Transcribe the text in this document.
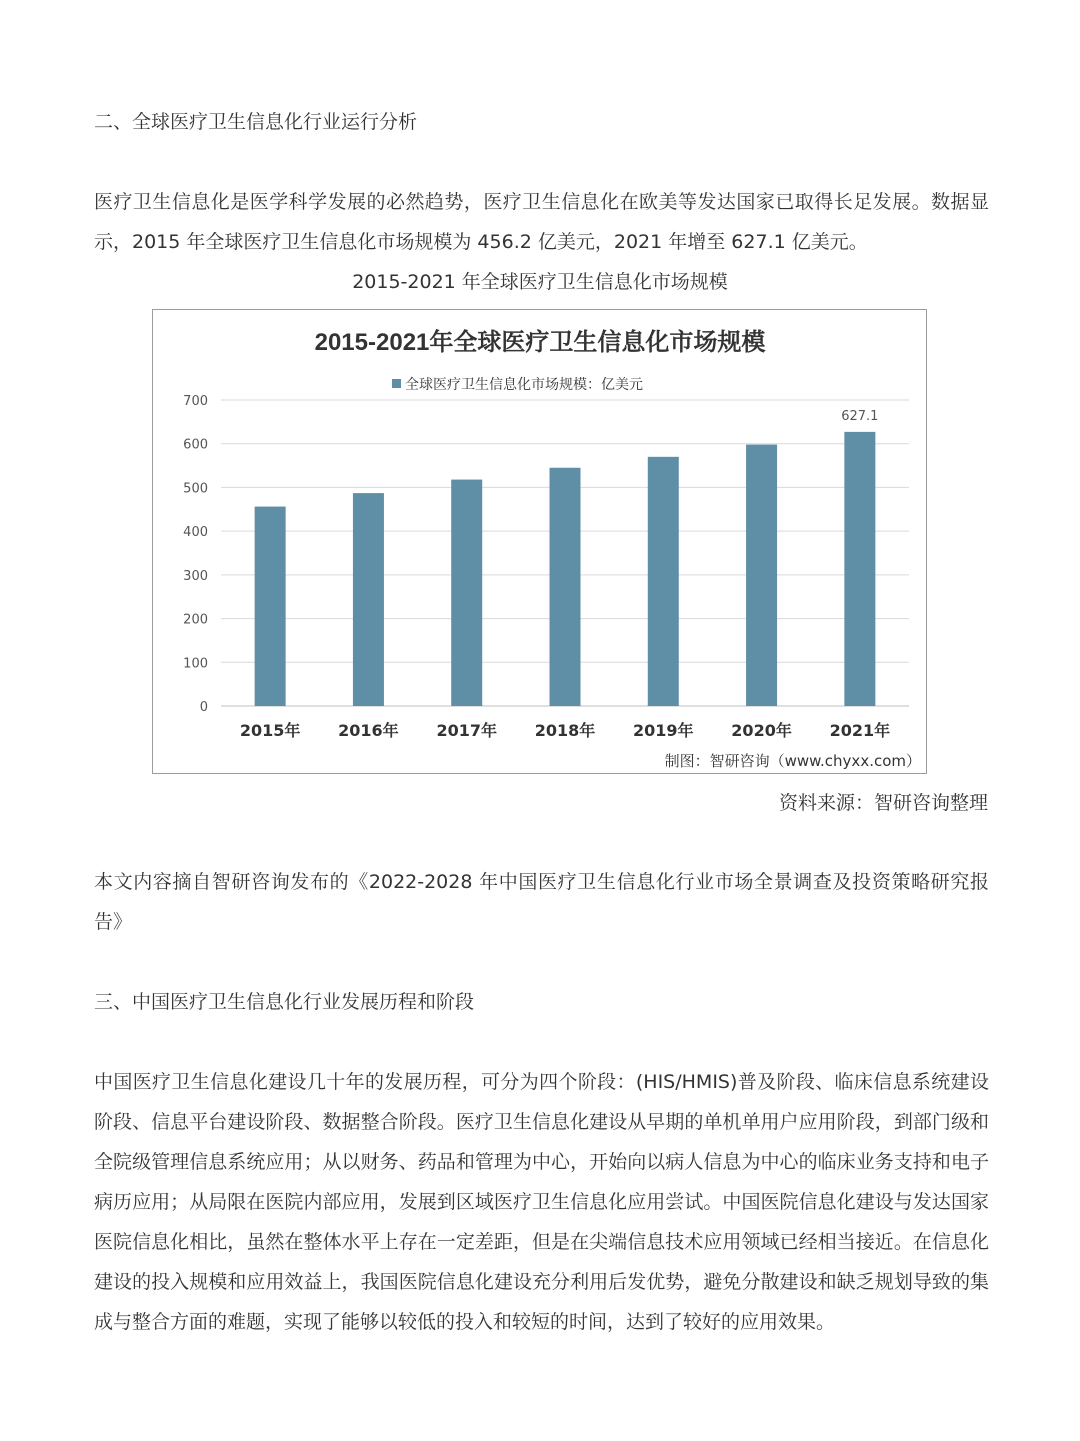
二、全球医疗卫生信息化行业运行分析

医疗卫生信息化是医学科学发展的必然趋势，医疗卫生信息化在欧美等发达国家已取得长足发展。数据显示，2015 年全球医疗卫生信息化市场规模为 456.2 亿美元，2021 年增至 627.1 亿美元。

2015-2021 年全球医疗卫生信息化市场规模
2015-2021年全球医疗卫生信息化市场规模
全球医疗卫生信息化市场规模：亿美元
0
100
200
300
400
500
600
700
627.1
2015年 2016年 2017年 2018年 2019年 2020年 2021年
制图：智研咨询（www.chyxx.com）
资料来源：智研咨询整理

本文内容摘自智研咨询发布的《2022-2028 年中国医疗卫生信息化行业市场全景调查及投资策略研究报告》

三、中国医疗卫生信息化行业发展历程和阶段

中国医疗卫生信息化建设几十年的发展历程，可分为四个阶段：(HIS/HMIS)普及阶段、临床信息系统建设阶段、信息平台建设阶段、数据整合阶段。医疗卫生信息化建设从早期的单机单用户应用阶段，到部门级和全院级管理信息系统应用；从以财务、药品和管理为中心，开始向以病人信息为中心的临床业务支持和电子病历应用；从局限在医院内部应用，发展到区域医疗卫生信息化应用尝试。中国医院信息化建设与发达国家医院信息化相比，虽然在整体水平上存在一定差距，但是在尖端信息技术应用领域已经相当接近。在信息化建设的投入规模和应用效益上，我国医院信息化建设充分利用后发优势，避免分散建设和缺乏规划导致的集成与整合方面的难题，实现了能够以较低的投入和较短的时间，达到了较好的应用效果。
